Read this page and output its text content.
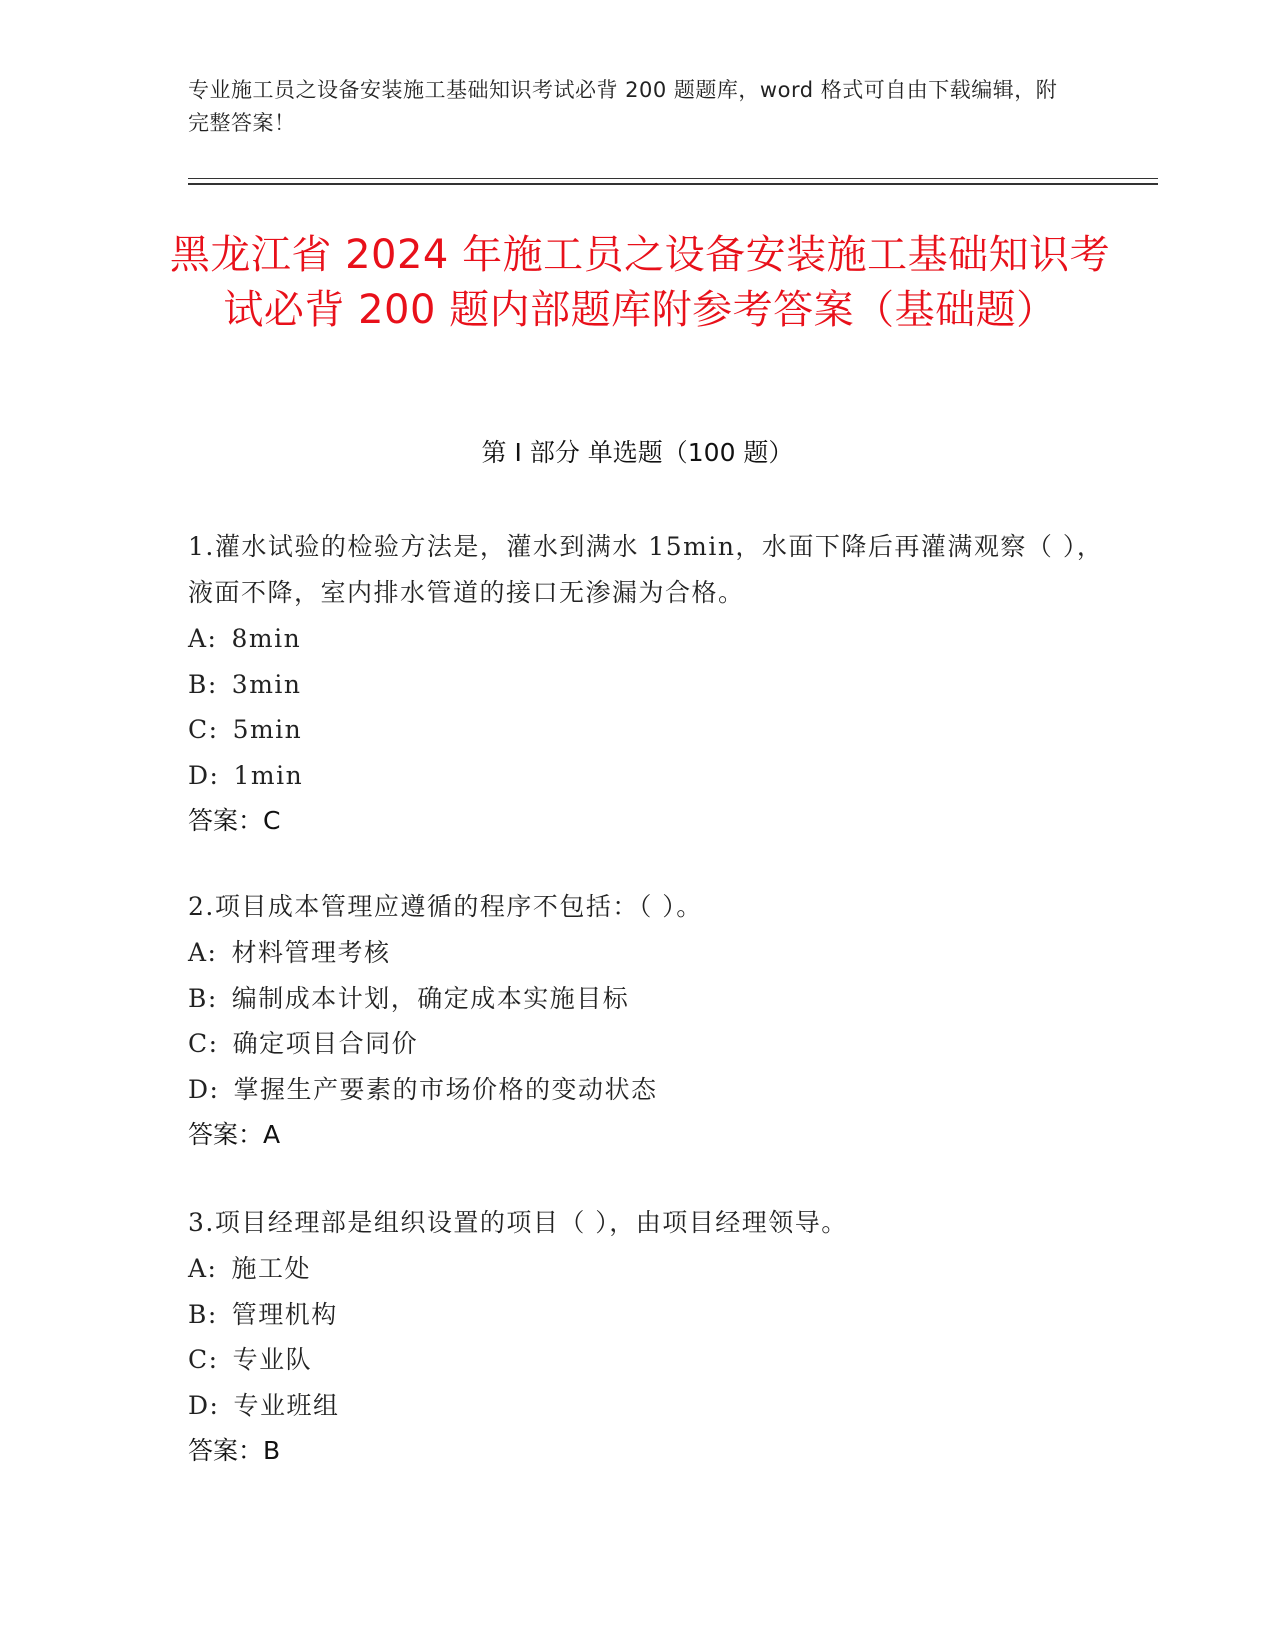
专业施工员之设备安装施工基础知识考试必背 200 题题库，word 格式可自由下载编辑，附完整答案！
黑龙江省 2024 年施工员之设备安装施工基础知识考试必背 200 题内部题库附参考答案（基础题）
第 I 部分 单选题（100 题）
1.灌水试验的检验方法是，灌水到满水 15min，水面下降后再灌满观察（ ），液面不降，室内排水管道的接口无渗漏为合格。
A: 8min
B: 3min
C: 5min
D: 1min
答案：C
2.项目成本管理应遵循的程序不包括：（ ）。
A: 材料管理考核
B: 编制成本计划，确定成本实施目标
C: 确定项目合同价
D: 掌握生产要素的市场价格的变动状态
答案：A
3.项目经理部是组织设置的项目（ ），由项目经理领导。
A: 施工处
B: 管理机构
C: 专业队
D: 专业班组
答案：B
